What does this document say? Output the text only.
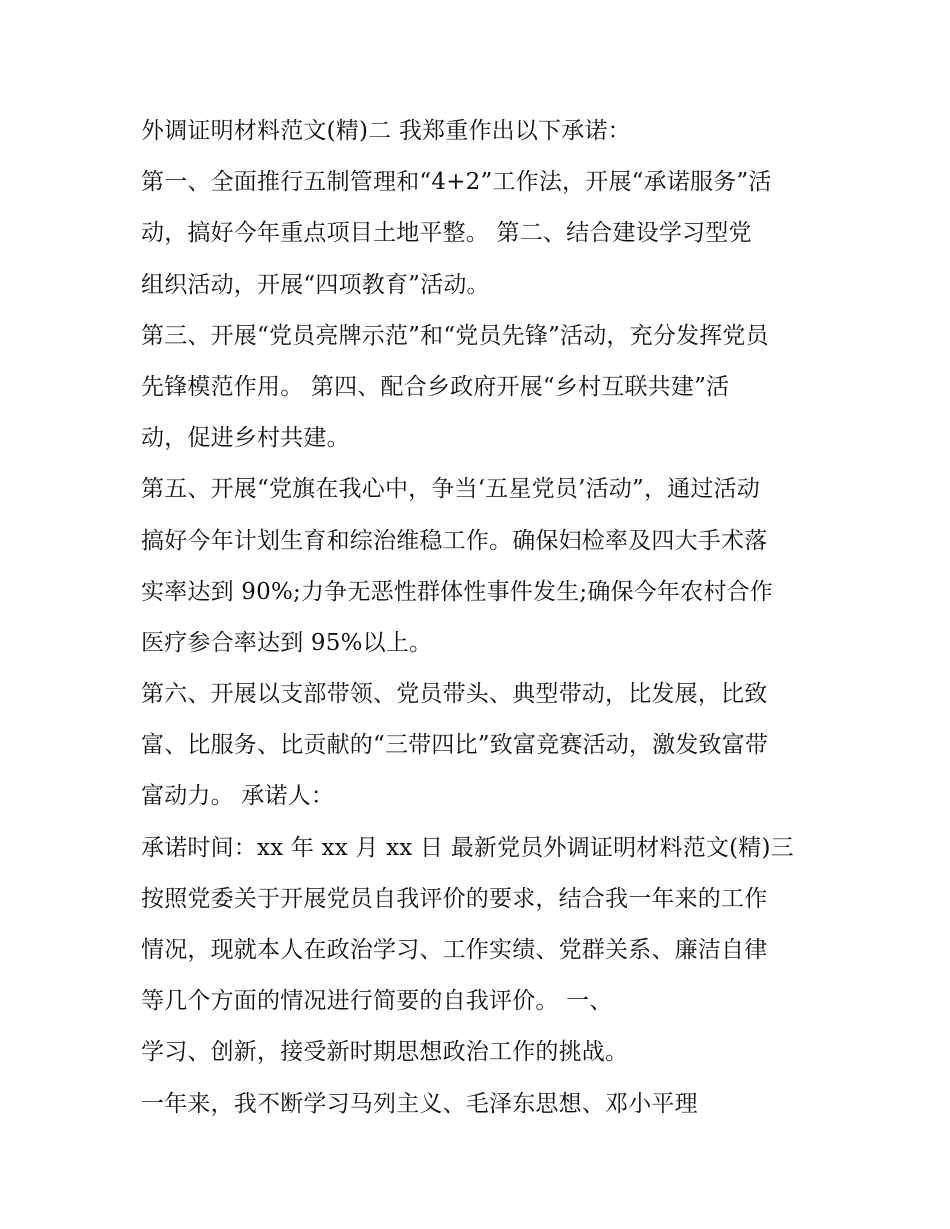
外调证明材料范文(精)二 我郑重作出以下承诺：
第一、全面推行五制管理和“4+2”工作法，开展“承诺服务”活
动，搞好今年重点项目土地平整。 第二、结合建设学习型党
组织活动，开展“四项教育”活动。
第三、开展“党员亮牌示范”和“党员先锋”活动，充分发挥党员
先锋模范作用。 第四、配合乡政府开展“乡村互联共建”活
动，促进乡村共建。
第五、开展“党旗在我心中，争当‘五星党员’活动”，通过活动
搞好今年计划生育和综治维稳工作。确保妇检率及四大手术落
实率达到 90%;力争无恶性群体性事件发生;确保今年农村合作
医疗参合率达到 95%以上。
第六、开展以支部带领、党员带头、典型带动，比发展，比致
富、比服务、比贡献的“三带四比”致富竞赛活动，激发致富带
富动力。 承诺人：
承诺时间：xx 年 xx 月 xx 日 最新党员外调证明材料范文(精)三
按照党委关于开展党员自我评价的要求，结合我一年来的工作
情况，现就本人在政治学习、工作实绩、党群关系、廉洁自律
等几个方面的情况进行简要的自我评价。 一、
学习、创新，接受新时期思想政治工作的挑战。
一年来，我不断学习马列主义、毛泽东思想、邓小平理
